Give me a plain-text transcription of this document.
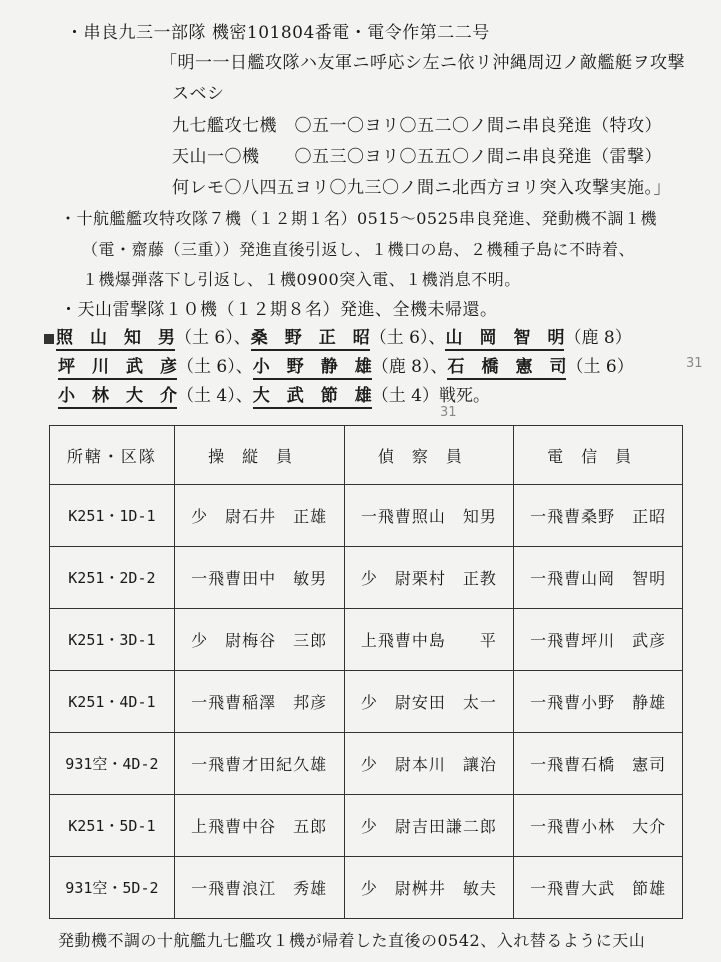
・串良九三一部隊 機密101804番電・電令作第二二号
「明一一日艦攻隊ハ友軍ニ呼応シ左ニ依リ沖縄周辺ノ敵艦艇ヲ攻撃
スベシ
九七艦攻七機　〇五一〇ヨリ〇五二〇ノ間ニ串良発進（特攻）
天山一〇機　　〇五三〇ヨリ〇五五〇ノ間ニ串良発進（雷撃）
何レモ〇八四五ヨリ〇九三〇ノ間ニ北西方ヨリ突入攻撃実施。」
・十航艦艦攻特攻隊７機（１２期１名）0515～0525串良発進、発動機不調１機
（電・齋藤（三重））発進直後引返し、１機口の島、２機種子島に不時着、
１機爆弾落下し引返し、１機0900突入電、１機消息不明。
・天山雷撃隊１０機（１２期８名）発進、全機未帰還。
照　山　知　男（土 6）、桑　野　正　昭（土 6）、山　岡　智　明（鹿 8）
坪　川　武　彦（土 6）、小　野　静　雄（鹿 8）、石　橋　憲　司（土 6）
小　林　大　介（土 4）、大　武　節　雄（土 4）戦死。
31
31
所轄・区隊	操縦員	偵察員	電信員
K251・1D-1	少　尉石井　正雄	一飛曹照山　知男	一飛曹桑野　正昭
K251・2D-2	一飛曹田中　敏男	少　尉栗村　正教	一飛曹山岡　智明
K251・3D-1	少　尉梅谷　三郎	上飛曹中島　　平	一飛曹坪川　武彦
K251・4D-1	一飛曹稲澤　邦彦	少　尉安田　太一	一飛曹小野　静雄
931空・4D-2	一飛曹才田紀久雄	少　尉本川　讓治	一飛曹石橋　憲司
K251・5D-1	上飛曹中谷　五郎	少　尉吉田謙二郎	一飛曹小林　大介
931空・5D-2	一飛曹浪江　秀雄	少　尉桝井　敏夫	一飛曹大武　節雄
発動機不調の十航艦九七艦攻１機が帰着した直後の0542、入れ替るように天山
